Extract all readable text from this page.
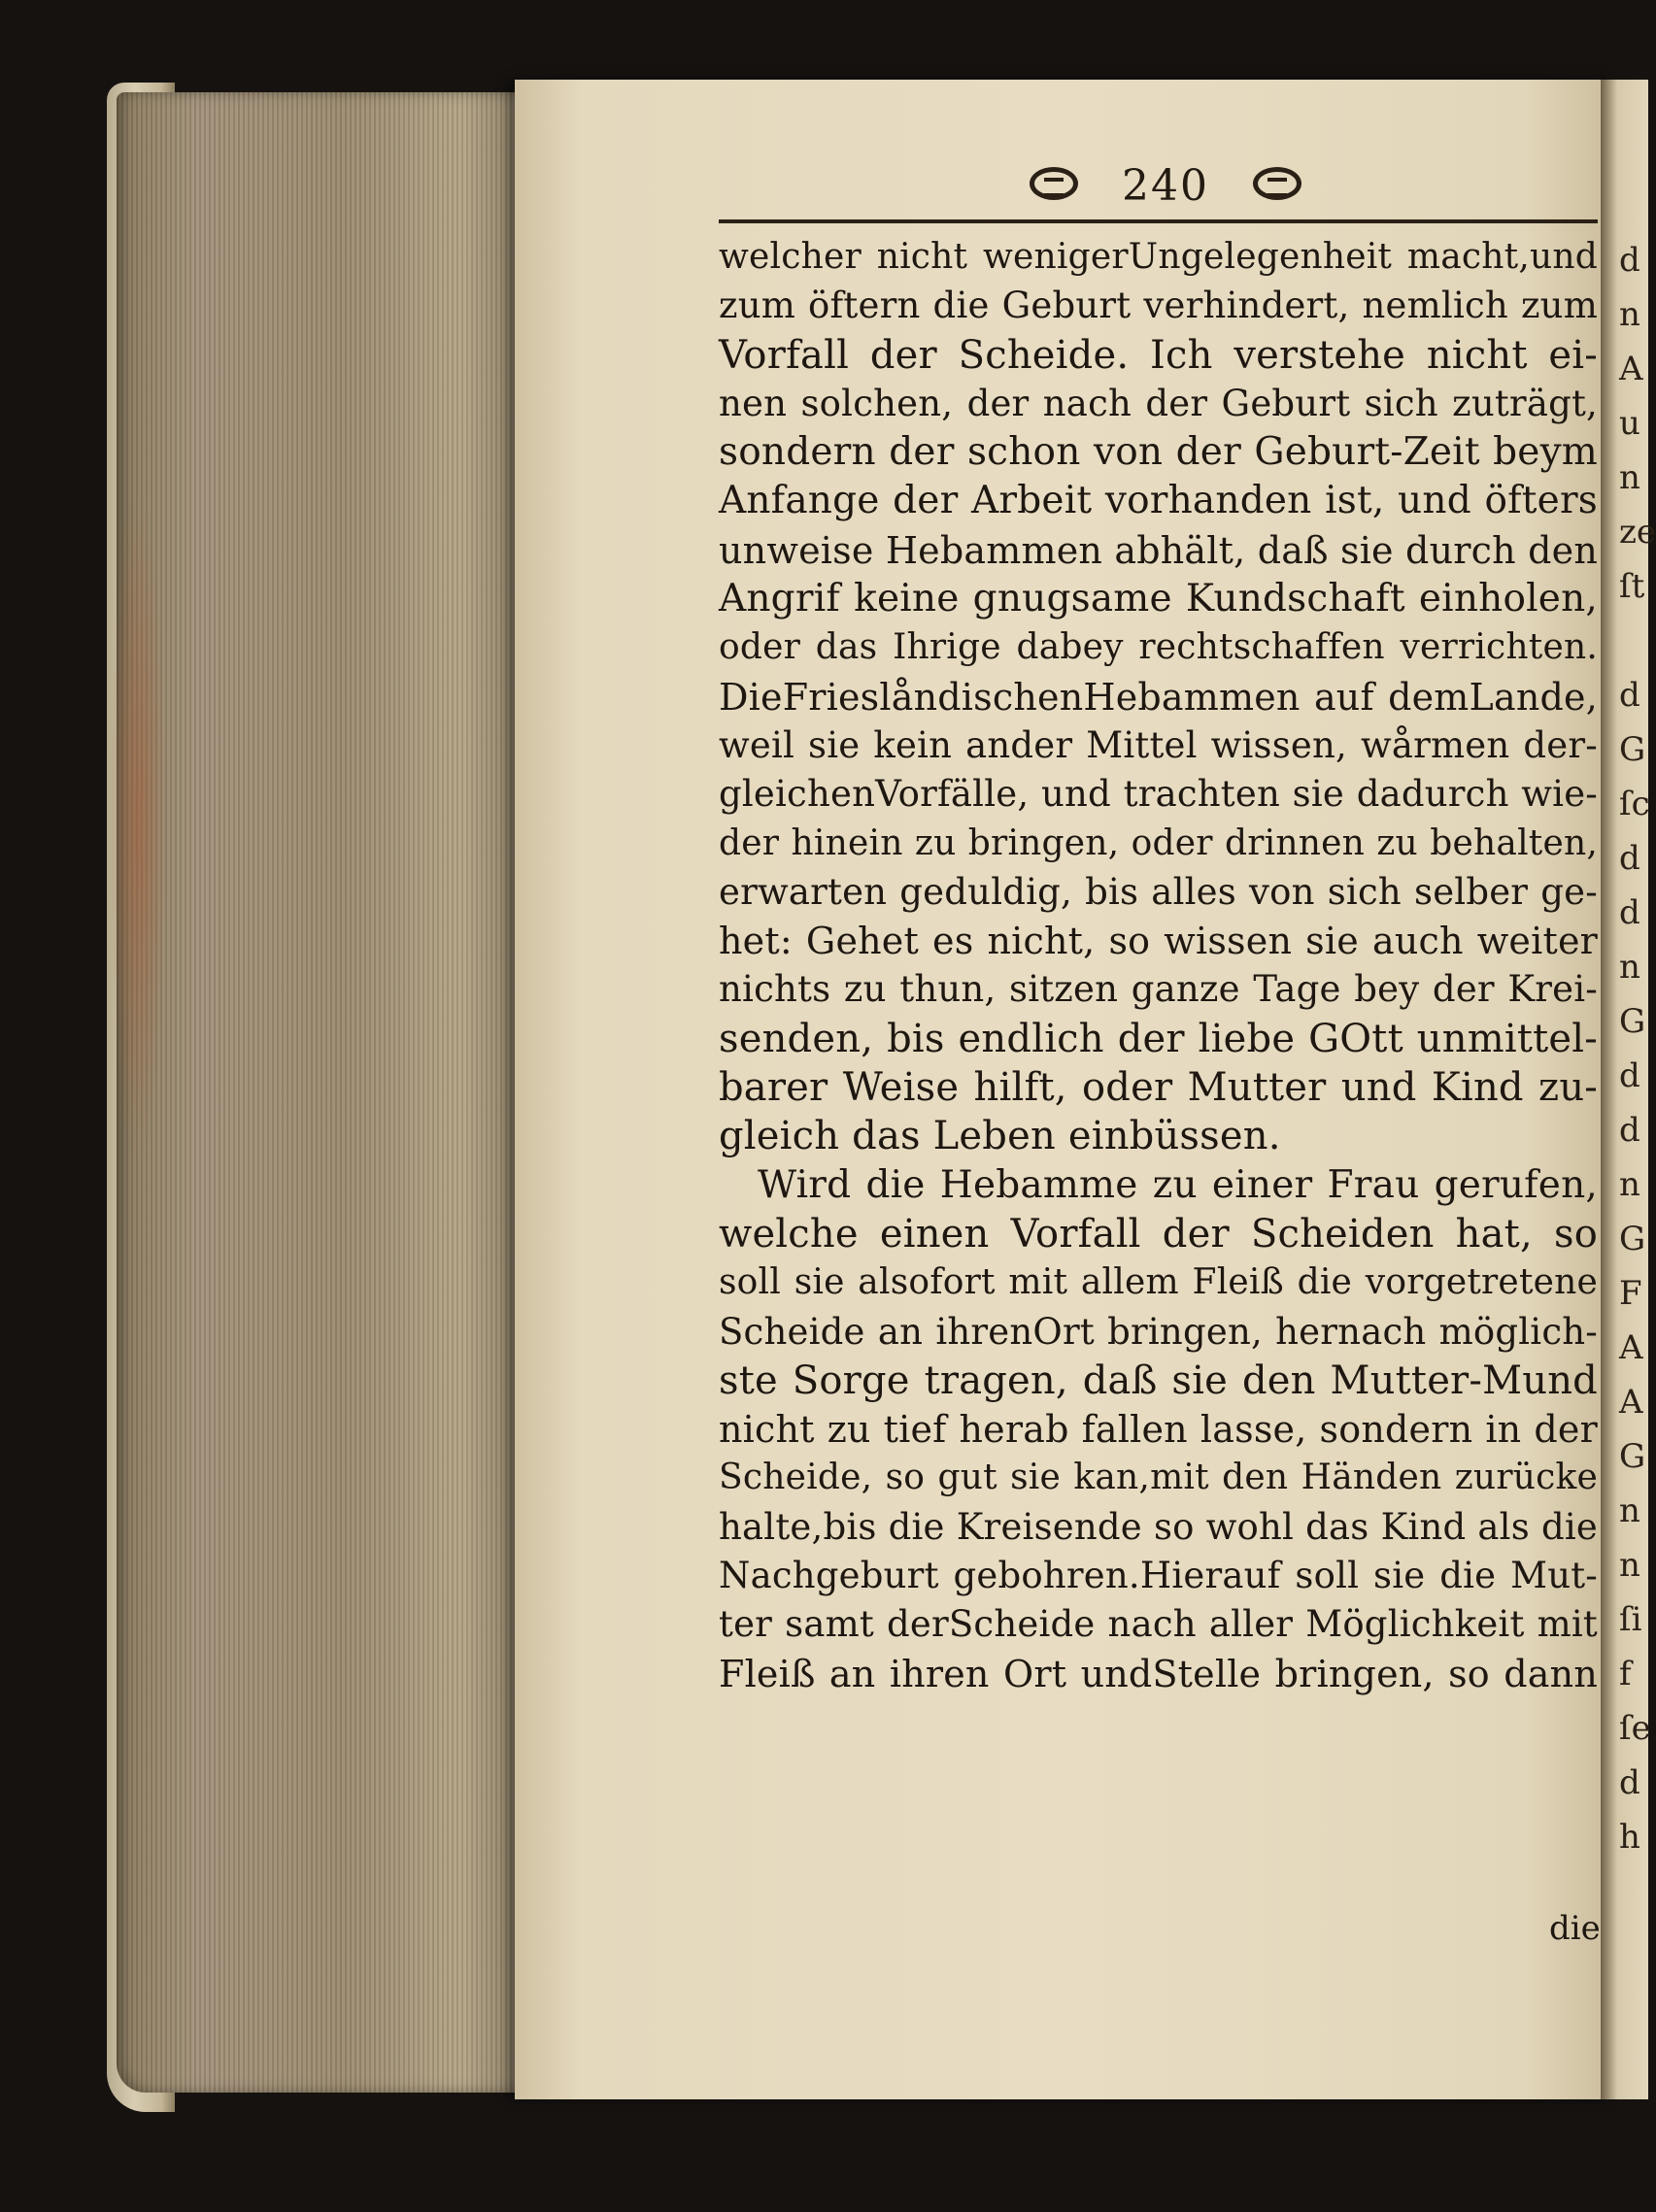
d
n
A
u
n
ze
ſt

d
G
ſc
d
d
n
G
d
d
n
G
F
A
A
G
n
n
ſi
f
ſe
d
h
240
welcher nicht wenigerUngelegenheit macht,und
zum öftern die Geburt verhindert, nemlich zum
Vorfall der Scheide. Ich verstehe nicht ei-
nen solchen, der nach der Geburt sich zuträgt,
sondern der schon von der Geburt-Zeit beym
Anfange der Arbeit vorhanden ist, und öfters
unweise Hebammen abhält, daß sie durch den
Angrif keine gnugsame Kundschaft einholen,
oder das Ihrige dabey rechtschaffen verrichten.
DieFrieslåndischenHebammen auf demLande,
weil sie kein ander Mittel wissen, wårmen der-
gleichenVorfälle, und trachten sie dadurch wie-
der hinein zu bringen, oder drinnen zu behalten,
erwarten geduldig, bis alles von sich selber ge-
het: Gehet es nicht, so wissen sie auch weiter
nichts zu thun, sitzen ganze Tage bey der Krei-
senden, bis endlich der liebe GOtt unmittel-
barer Weise hilft, oder Mutter und Kind zu-
gleich das Leben einbüssen.
Wird die Hebamme zu einer Frau gerufen,
welche einen Vorfall der Scheiden hat, so
soll sie alsofort mit allem Fleiß die vorgetretene
Scheide an ihrenOrt bringen, hernach möglich-
ste Sorge tragen, daß sie den Mutter-Mund
nicht zu tief herab fallen lasse, sondern in der
Scheide, so gut sie kan,mit den Händen zurücke
halte,bis die Kreisende so wohl das Kind als die
Nachgeburt gebohren.Hierauf soll sie die Mut-
ter samt derScheide nach aller Möglichkeit mit
Fleiß an ihren Ort undStelle bringen, so dann
die
